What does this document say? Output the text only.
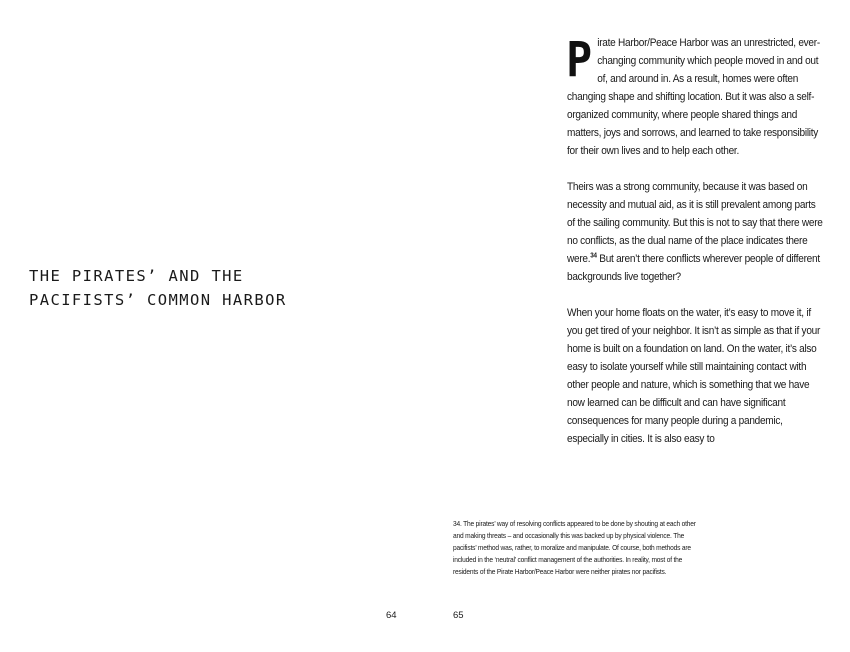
THE PIRATES’ AND THE
PACIFISTS’ COMMON HARBOR
64

Pirate Harbor/Peace Harbor was an unrestricted, ever-changing community which people moved in and out of, and around in. As a result, homes were often changing shape and shifting location. But it was also a self-organized community, where people shared things and matters, joys and sorrows, and learned to take responsibility for their own lives and to help each other.

Theirs was a strong community, because it was based on necessity and mutual aid, as it is still prevalent among parts of the sailing community. But this is not to say that there were no conflicts, as the dual name of the place indicates there were.$^{34}$ But aren’t there conflicts wherever people of different backgrounds live together?

When your home floats on the water, it’s easy to move it, if you get tired of your neighbor. It isn’t as simple as that if your home is built on a foundation on land. On the water, it’s also easy to isolate yourself while still maintaining contact with other people and nature, which is something that we have now learned can be difficult and can have significant consequences for many people during a pandemic, especially in cities. It is also easy to

34. The pirates’ way of resolving conflicts appeared to be done by shouting at each other and making threats – and occasionally this was backed up by physical violence. The pacifists’ method was, rather, to moralize and manipulate. Of course, both methods are included in the ‘neutral’ conflict management of the authorities. In reality, most of the residents of the Pirate Harbor/Peace Harbor were neither pirates nor pacifists.

65
